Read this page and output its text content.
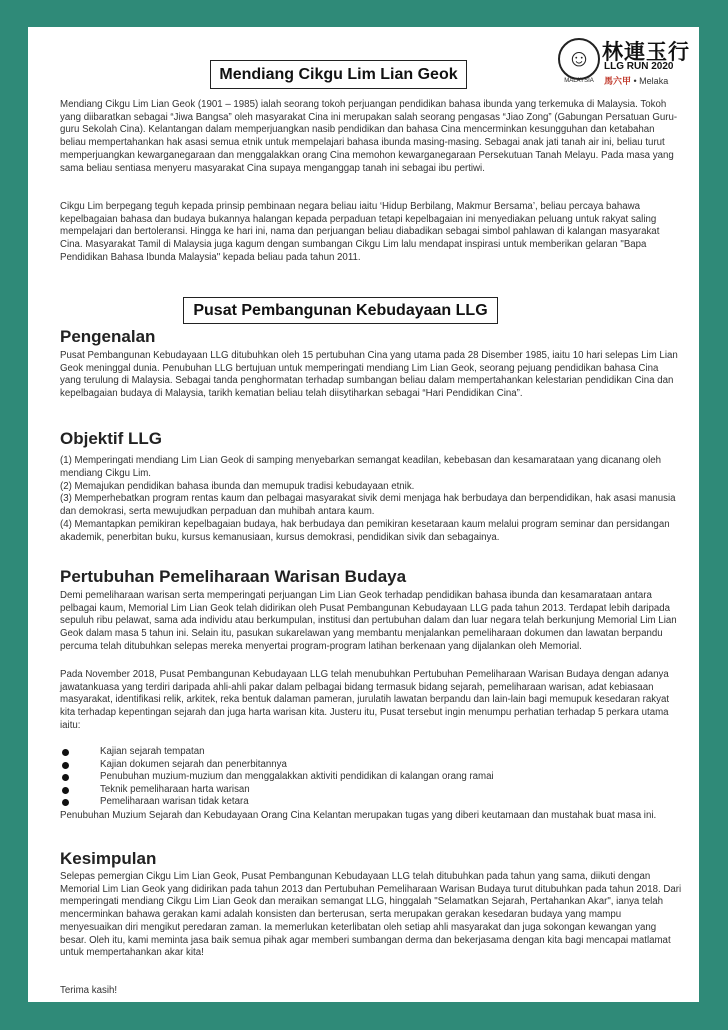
☺
MALAYSIA
林連玉行
LLG RUN 2020
馬六甲 • Melaka
Mendiang Cikgu Lim Lian Geok

Mendiang Cikgu Lim Lian Geok (1901 – 1985) ialah seorang tokoh perjuangan pendidikan bahasa ibunda yang terkemuka di Malaysia. Tokoh yang diibaratkan sebagai “Jiwa Bangsa” oleh masyarakat Cina ini merupakan salah seorang pengasas “Jiao Zong” (Gabungan Persatuan Guru-guru Sekolah Cina). Kelantangan dalam memperjuangkan nasib pendidikan dan bahasa Cina mencerminkan kesungguhan dan ketabahan beliau mempertahankan hak asasi semua etnik untuk mempelajari bahasa ibunda masing-masing. Sebagai anak jati tanah air ini, beliau turut memperjuangkan kewarganegaraan dan menggalakkan orang Cina memohon kewarganegaraan Persekutuan Tanah Melayu. Pada masa yang sama beliau sentiasa menyeru masyarakat Cina supaya menganggap tanah ini sebagai ibu pertiwi.

Cikgu Lim berpegang teguh kepada prinsip pembinaan negara beliau iaitu ‘Hidup Berbilang, Makmur Bersama’, beliau percaya bahawa kepelbagaian bahasa dan budaya bukannya halangan kepada perpaduan tetapi kepelbagaian ini menyediakan peluang untuk rakyat saling mempelajari dan bertoleransi. Hingga ke hari ini, nama dan perjuangan beliau diabadikan sebagai simbol pahlawan di kalangan masyarakat Cina. Masyarakat Tamil di Malaysia juga kagum dengan sumbangan Cikgu Lim lalu mendapat inspirasi untuk memberikan gelaran "Bapa Pendidikan Bahasa Ibunda Malaysia" kepada beliau pada tahun 2011.

Pusat Pembangunan Kebudayaan LLG
Pengenalan

Pusat Pembangunan Kebudayaan LLG ditubuhkan oleh 15 pertubuhan Cina yang utama pada 28 Disember 1985, iaitu 10 hari selepas Lim Lian Geok meninggal dunia. Penubuhan LLG bertujuan untuk memperingati mendiang Lim Lian Geok, seorang pejuang pendidikan bahasa Cina yang terulung di Malaysia. Sebagai tanda penghormatan terhadap sumbangan beliau dalam mempertahankan kelestarian pendidikan Cina dan kepelbagaian budaya di Malaysia, tarikh kematian beliau telah diisytiharkan sebagai “Hari Pendidikan Cina”.

Objektif LLG
(1) Memperingati mendiang Lim Lian Geok di samping menyebarkan semangat keadilan, kebebasan dan kesamarataan yang dicanang oleh mendiang Cikgu Lim.
(2) Memajukan pendidikan bahasa ibunda dan memupuk tradisi kebudayaan etnik.
(3) Memperhebatkan program rentas kaum dan pelbagai masyarakat sivik demi menjaga hak berbudaya dan berpendidikan, hak asasi manusia dan demokrasi, serta mewujudkan perpaduan dan muhibah antara kaum.
(4) Memantapkan pemikiran kepelbagaian budaya, hak berbudaya dan pemikiran kesetaraan kaum melalui program seminar dan persidangan akademik, penerbitan buku, kursus kemanusiaan, kursus demokrasi, pendidikan sivik dan sebagainya.
Pertubuhan Pemeliharaan Warisan Budaya

Demi pemeliharaan warisan serta memperingati perjuangan Lim Lian Geok terhadap pendidikan bahasa ibunda dan kesamarataan antara pelbagai kaum, Memorial Lim Lian Geok telah didirikan oleh Pusat Pembangunan Kebudayaan LLG pada tahun 2013. Terdapat lebih daripada sepuluh ribu pelawat, sama ada individu atau berkumpulan, institusi dan pertubuhan dalam dan luar negara telah berkunjung Memorial Lim Lian Geok dalam masa 5 tahun ini. Selain itu, pasukan sukarelawan yang membantu menjalankan pemeliharaan dokumen dan lawatan berpandu percuma telah ditubuhkan selepas mereka menyertai program-program latihan berkenaan yang dijalankan oleh Memorial.

Pada November 2018, Pusat Pembangunan Kebudayaan LLG telah menubuhkan Pertubuhan Pemeliharaan Warisan Budaya dengan adanya jawatankuasa yang terdiri daripada ahli-ahli pakar dalam pelbagai bidang termasuk bidang sejarah, pemeliharaan warisan, adat kebiasaan masyarakat, identifikasi relik, arkitek, reka bentuk dalaman pameran, jurulatih lawatan berpandu dan lain-lain bagi memupuk kesedaran rakyat kita terhadap kepentingan sejarah dan juga harta warisan kita. Justeru itu, Pusat tersebut ingin menumpu perhatian terhadap 5 perkara utama iaitu:

Kajian sejarah tempatan
Kajian dokumen sejarah dan penerbitannya
Penubuhan muzium-muzium dan menggalakkan aktiviti pendidikan di kalangan orang ramai
Teknik pemeliharaan harta warisan
Pemeliharaan warisan tidak ketara

Penubuhan Muzium Sejarah dan Kebudayaan Orang Cina Kelantan merupakan tugas yang diberi keutamaan dan mustahak buat masa ini.

Kesimpulan

Selepas pemergian Cikgu Lim Lian Geok, Pusat Pembangunan Kebudayaan LLG telah ditubuhkan pada tahun yang sama, diikuti dengan Memorial Lim Lian Geok yang didirikan pada tahun 2013 dan Pertubuhan Pemeliharaan Warisan Budaya turut ditubuhkan pada tahun 2018. Dari memperingati mendiang Cikgu Lim Lian Geok dan meraikan semangat LLG, hinggalah "Selamatkan Sejarah, Pertahankan Akar", ianya telah mencerminkan bahawa gerakan kami adalah konsisten dan berterusan, serta merupakan gerakan kesedaran budaya yang mampu menyesuaikan diri mengikut peredaran zaman. Ia memerlukan keterlibatan oleh setiap ahli masyarakat dan juga sokongan kewangan yang besar. Oleh itu, kami meminta jasa baik semua pihak agar memberi sumbangan derma dan bekerjasama dengan kita bagi mencapai matlamat untuk mempertahankan akar kita!

Terima kasih!
